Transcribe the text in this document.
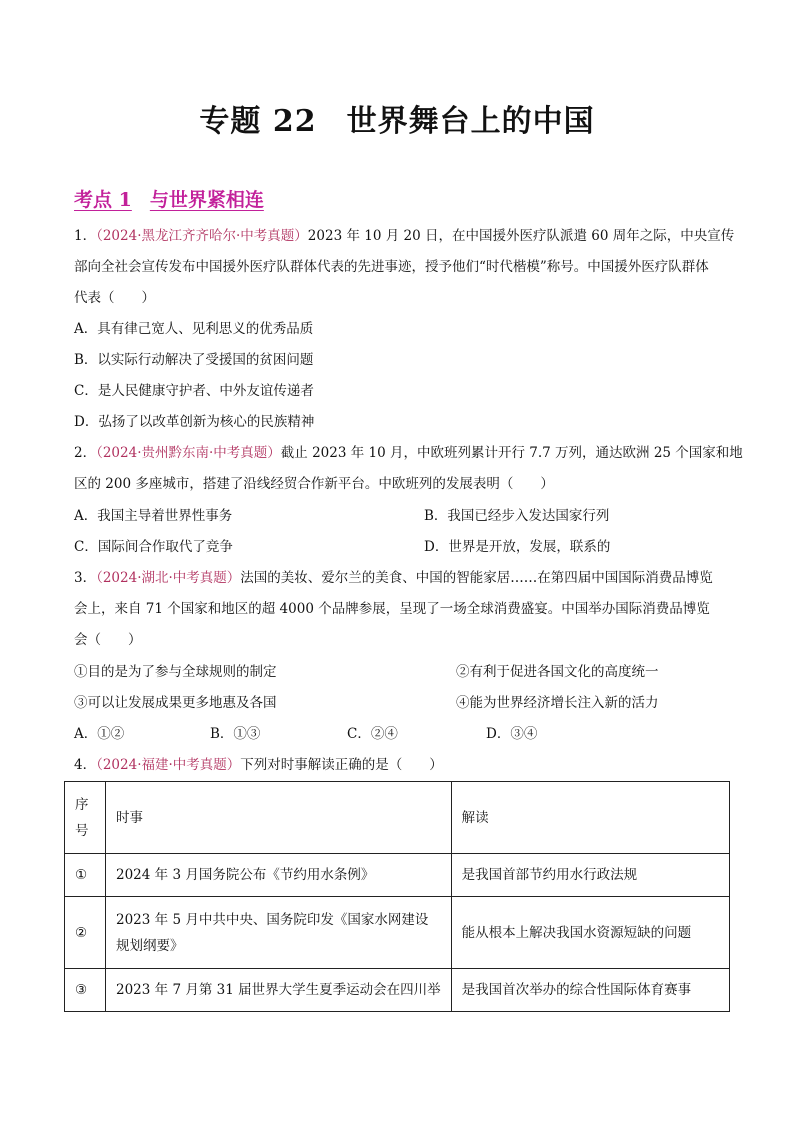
专题 22 世界舞台上的中国
考点 1 与世界紧相连
1．（2024·黑龙江齐齐哈尔·中考真题）2023 年 10 月 20 日，在中国援外医疗队派遣 60 周年之际，中央宣传
部向全社会宣传发布中国援外医疗队群体代表的先进事迹，授予他们“时代楷模”称号。中国援外医疗队群体
代表（　　）
A．具有律己宽人、见利思义的优秀品质
B．以实际行动解决了受援国的贫困问题
C．是人民健康守护者、中外友谊传递者
D．弘扬了以改革创新为核心的民族精神
2．（2024·贵州黔东南·中考真题）截止 2023 年 10 月，中欧班列累计开行 7.7 万列，通达欧洲 25 个国家和地
区的 200 多座城市，搭建了沿线经贸合作新平台。中欧班列的发展表明（　　）
A．我国主导着世界性事务	B．我国已经步入发达国家行列
C．国际间合作取代了竞争	D．世界是开放，发展，联系的
3．（2024·湖北·中考真题）法国的美妆、爱尔兰的美食、中国的智能家居……在第四届中国国际消费品博览
会上，来自 71 个国家和地区的超 4000 个品牌参展，呈现了一场全球消费盛宴。中国举办国际消费品博览
会（　　）
①目的是为了参与全球规则的制定	②有利于促进各国文化的高度统一
③可以让发展成果更多地惠及各国	④能为世界经济增长注入新的活力
A．①②	B．①③	C．②④	D．③④
4．（2024·福建·中考真题）下列对时事解读正确的是（　　）
序号	时事	解读
①	2024 年 3 月国务院公布《节约用水条例》	是我国首部节约用水行政法规
②	2023 年 5 月中共中央、国务院印发《国家水网建设规划纲要》	能从根本上解决我国水资源短缺的问题
③	2023 年 7 月第 31 届世界大学生夏季运动会在四川举	是我国首次举办的综合性国际体育赛事
